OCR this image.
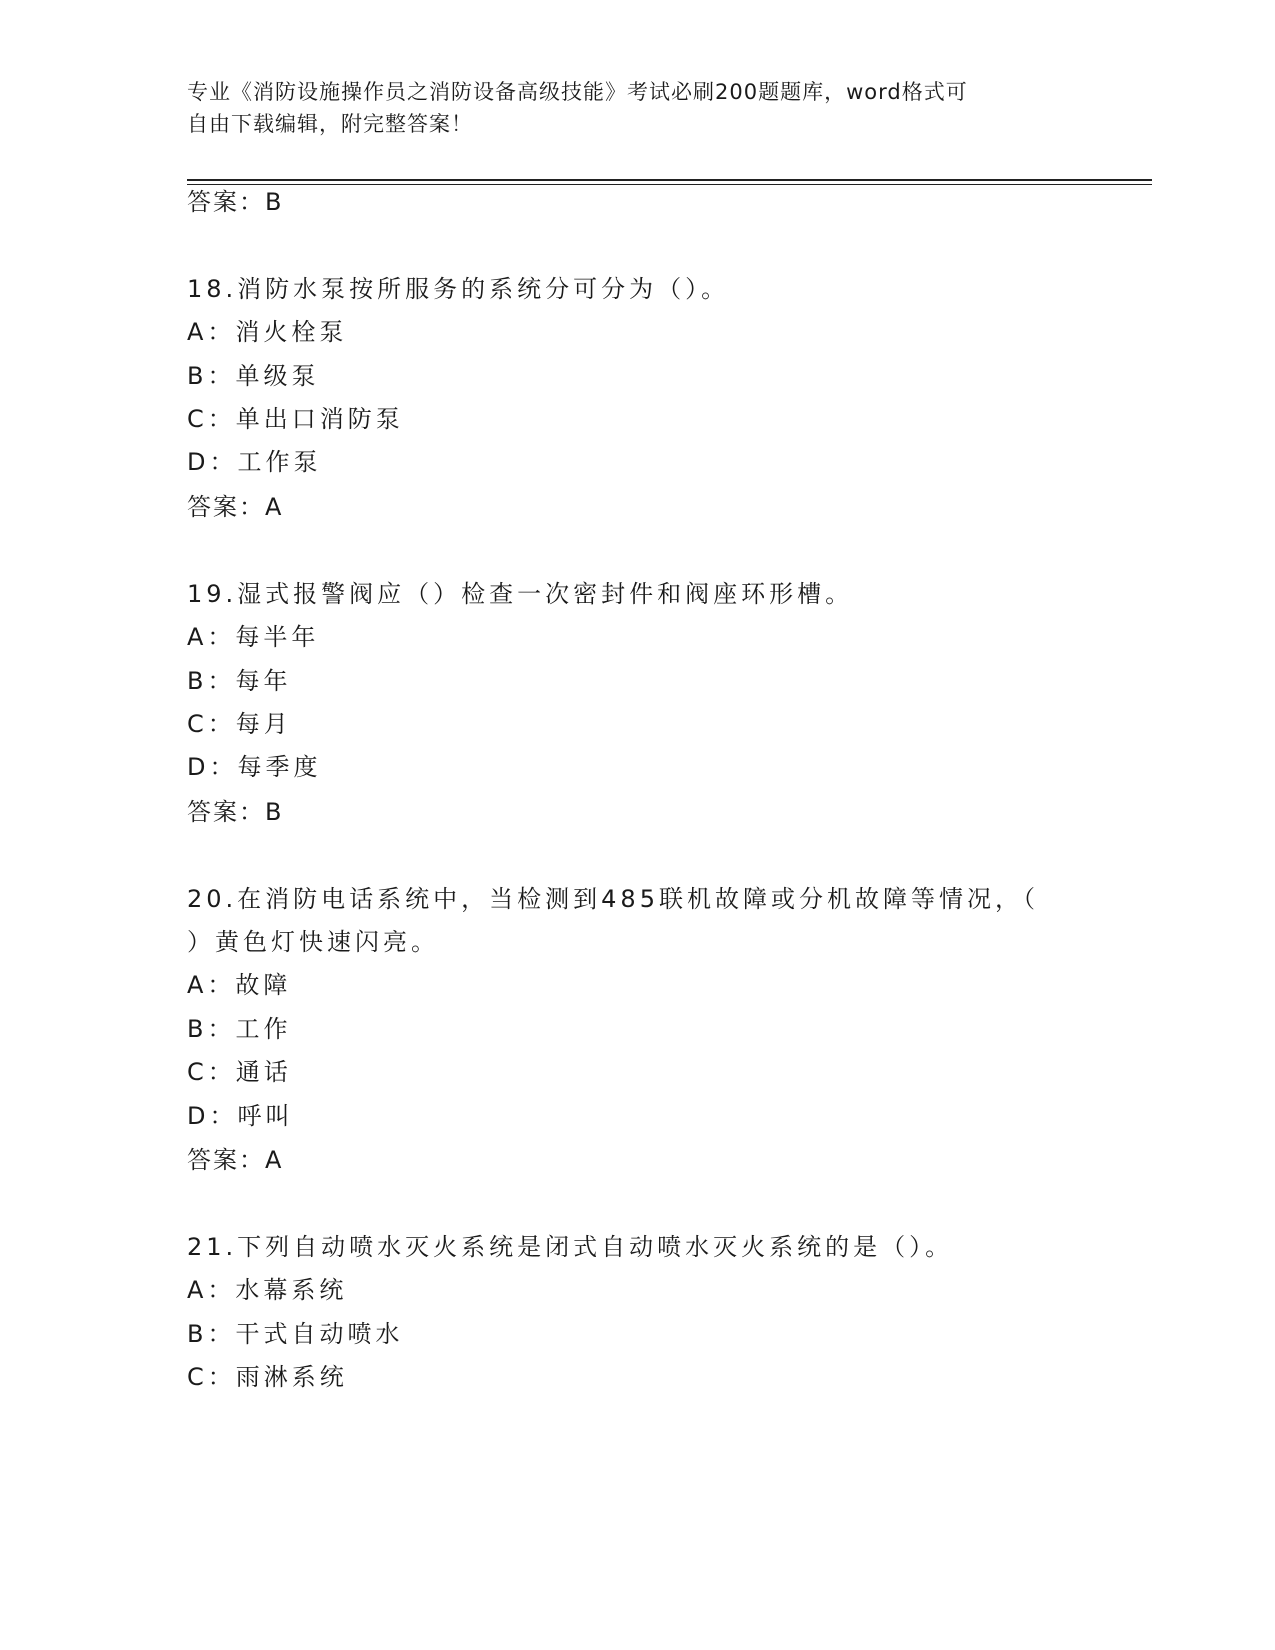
专业《消防设施操作员之消防设备高级技能》考试必刷200题题库，word格式可
自由下载编辑，附完整答案！

答案：B

18.消防水泵按所服务的系统分可分为（）。

A：消火栓泵

B：单级泵

C：单出口消防泵

D：工作泵

答案：A

19.湿式报警阀应（）检查一次密封件和阀座环形槽。

A：每半年

B：每年

C：每月

D：每季度

答案：B

20.在消防电话系统中，当检测到485联机故障或分机故障等情况，（

）黄色灯快速闪亮。

A：故障

B：工作

C：通话

D：呼叫

答案：A

21.下列自动喷水灭火系统是闭式自动喷水灭火系统的是（）。

A：水幕系统

B：干式自动喷水

C：雨淋系统
